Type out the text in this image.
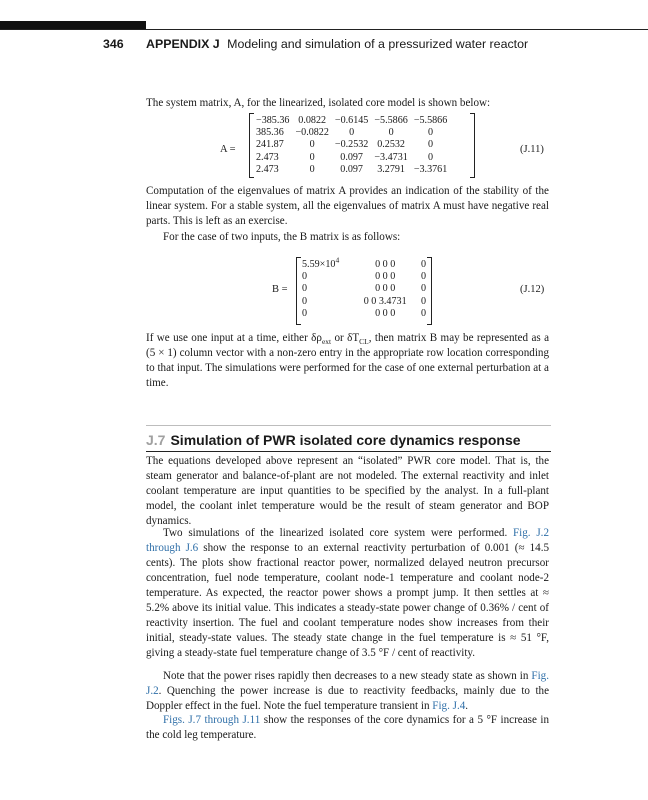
346 APPENDIX J Modeling and simulation of a pressurized water reactor

The system matrix, A, for the linearized, isolated core model is shown below:

A =
−385.36	0.0822	−0.6145	−5.5866	−5.5866
385.36	−0.0822	0	0	0
241.87	0	−0.2532	0.2532	0
2.473	0	0.097	−3.4731	0
2.473	0	0.097	3.2791	−3.3761
(J.11)

Computation of the eigenvalues of matrix A provides an indication of the stability of the linear system. For a stable system, all the eigenvalues of matrix A must have negative real parts. This is left as an exercise.

For the case of two inputs, the B matrix is as follows:

B =
$5.59\times 10^4$	0 0 0	0
0	0 0 0	0
0	0 0 0	0
0	0 0 3.4731	0
0	0 0 0	0
(J.12)

If we use one input at a time, either $\delta\rho_{ext}$ or $\delta T_{CL}$, then matrix B may be represented as a (5 × 1) column vector with a non-zero entry in the appropriate row location corresponding to that input. The simulations were performed for the case of one external perturbation at a time.

J.7 Simulation of PWR isolated core dynamics response

The equations developed above represent an “isolated” PWR core model. That is, the steam generator and balance-of-plant are not modeled. The external reactivity and inlet coolant temperature are input quantities to be specified by the analyst. In a full-plant model, the coolant inlet temperature would be the result of steam generator and BOP dynamics.

Two simulations of the linearized isolated core system were performed. Fig. J.2 through J.6 show the response to an external reactivity perturbation of 0.001 (≈ 14.5 cents). The plots show fractional reactor power, normalized delayed neutron precursor concentration, fuel node temperature, coolant node-1 temperature and coolant node-2 temperature. As expected, the reactor power shows a prompt jump. It then settles at ≈ 5.2% above its initial value. This indicates a steady-state power change of 0.36% / cent of reactivity insertion. The fuel and coolant temperature nodes show increases from their initial, steady-state values. The steady state change in the fuel temperature is ≈ 51 °F, giving a steady-state fuel temperature change of 3.5 °F / cent of reactivity.

Note that the power rises rapidly then decreases to a new steady state as shown in Fig. J.2. Quenching the power increase is due to reactivity feedbacks, mainly due to the Doppler effect in the fuel. Note the fuel temperature transient in Fig. J.4.

Figs. J.7 through J.11 show the responses of the core dynamics for a 5 °F increase in the cold leg temperature.
